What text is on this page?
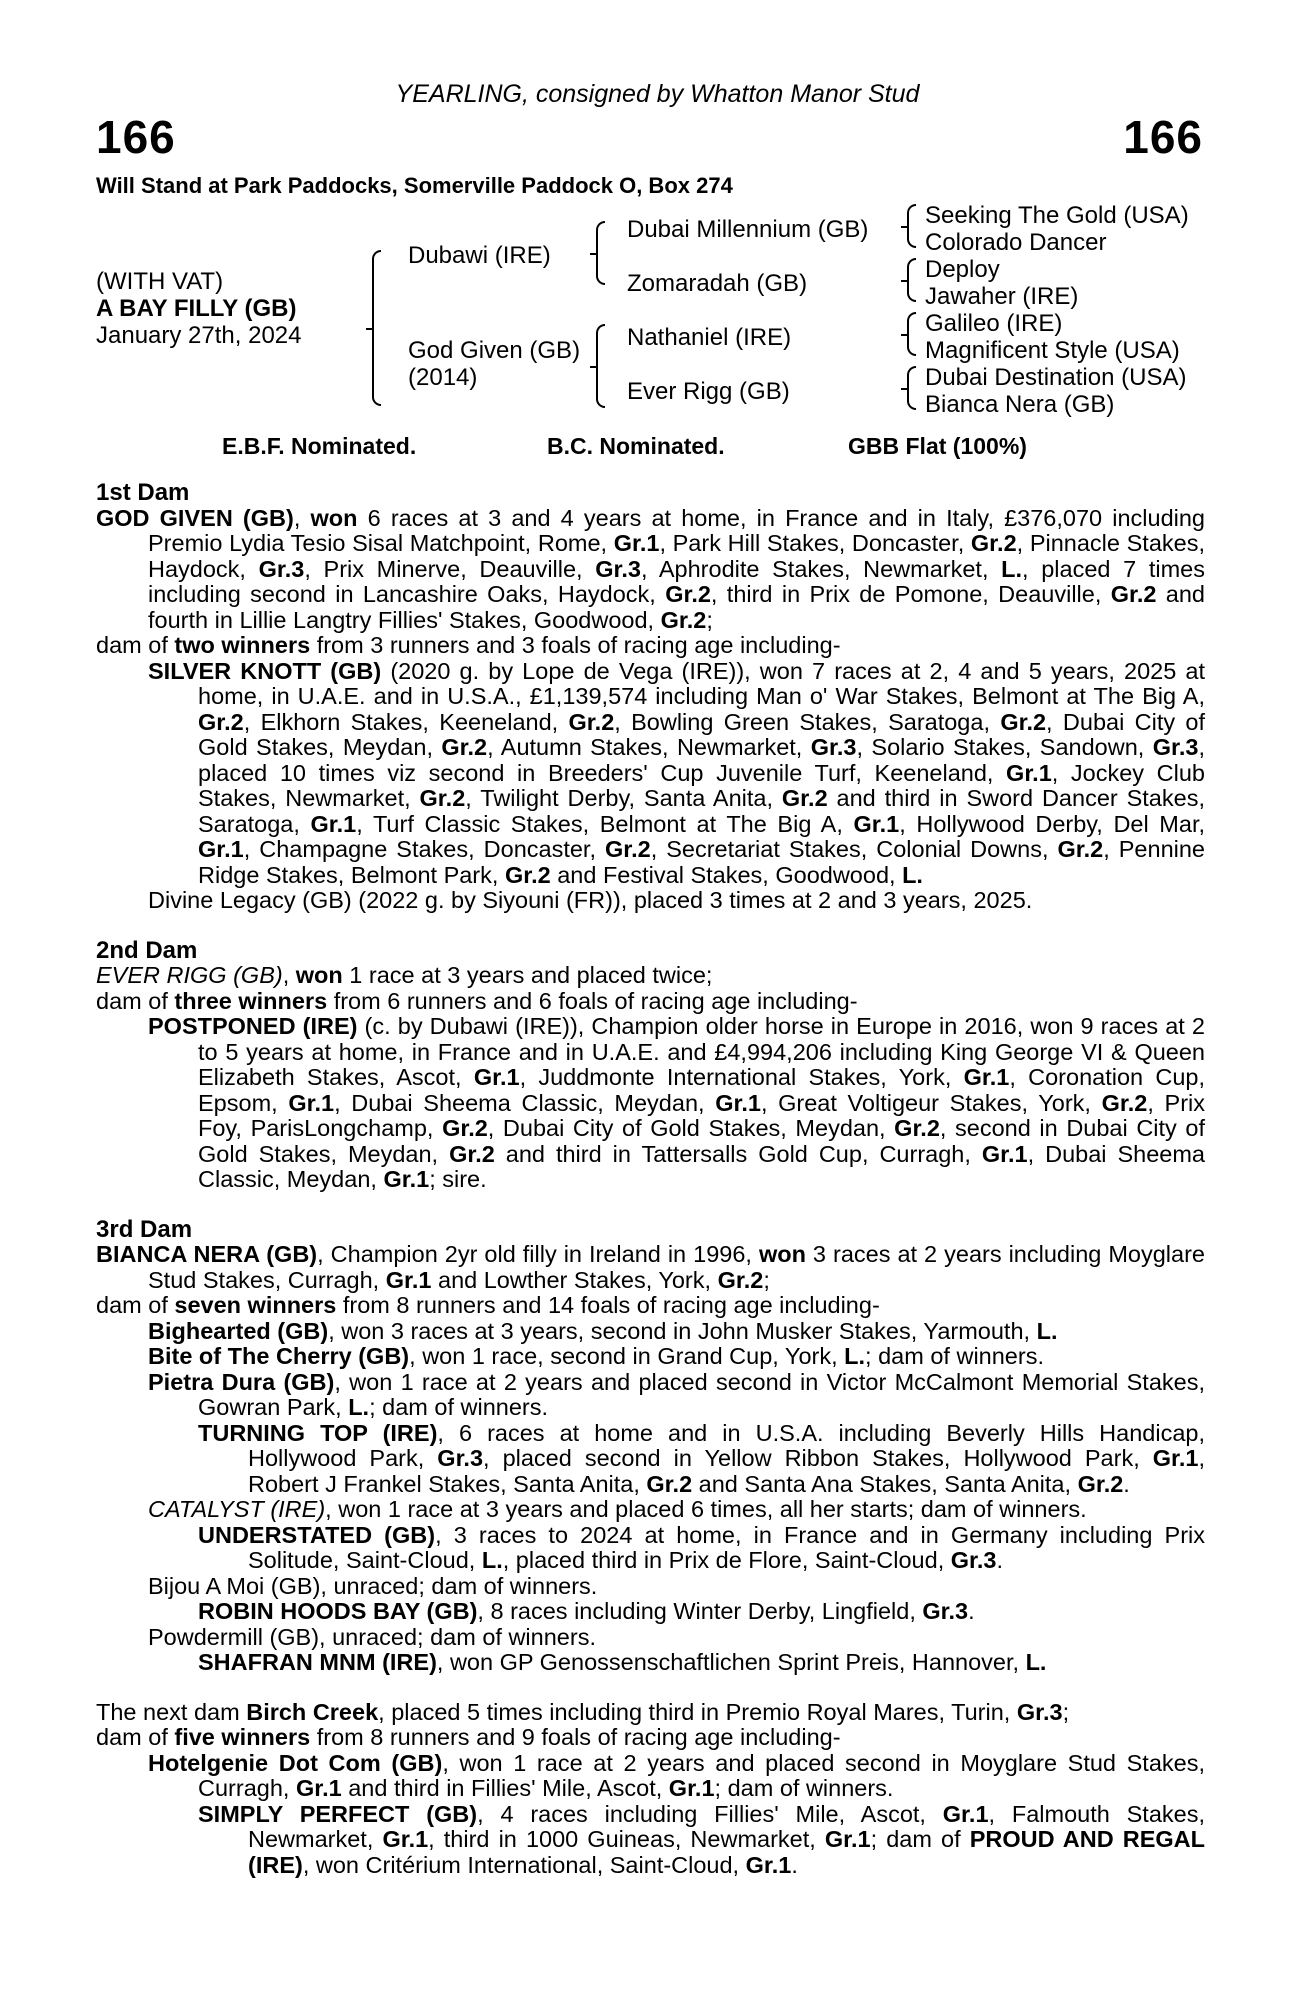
YEARLING, consigned by Whatton Manor Stud
166	166
Will Stand at Park Paddocks, Somerville Paddock O, Box 274
(WITH VAT)
A BAY FILLY (GB)
January 27th, 2024
Dubawi (IRE)
God Given (GB)
(2014)
Dubai Millennium (GB)
Zomaradah (GB)
Nathaniel (IRE)
Ever Rigg (GB)
Seeking The Gold (USA)
Colorado Dancer
Deploy
Jawaher (IRE)
Galileo (IRE)
Magnificent Style (USA)
Dubai Destination (USA)
Bianca Nera (GB)
E.B.F. Nominated.	B.C. Nominated.	GBB Flat (100%)
1st Dam
GOD GIVEN (GB), won 6 races at 3 and 4 years at home, in France and in Italy, £376,070 including Premio Lydia Tesio Sisal Matchpoint, Rome, Gr.1, Park Hill Stakes, Doncaster, Gr.2, Pinnacle Stakes, Haydock, Gr.3, Prix Minerve, Deauville, Gr.3, Aphrodite Stakes, Newmarket, L., placed 7 times including second in Lancashire Oaks, Haydock, Gr.2, third in Prix de Pomone, Deauville, Gr.2 and fourth in Lillie Langtry Fillies' Stakes, Goodwood, Gr.2;
dam of two winners from 3 runners and 3 foals of racing age including-
SILVER KNOTT (GB) (2020 g. by Lope de Vega (IRE)), won 7 races at 2, 4 and 5 years, 2025 at home, in U.A.E. and in U.S.A., £1,139,574 including Man o' War Stakes, Belmont at The Big A, Gr.2, Elkhorn Stakes, Keeneland, Gr.2, Bowling Green Stakes, Saratoga, Gr.2, Dubai City of Gold Stakes, Meydan, Gr.2, Autumn Stakes, Newmarket, Gr.3, Solario Stakes, Sandown, Gr.3, placed 10 times viz second in Breeders' Cup Juvenile Turf, Keeneland, Gr.1, Jockey Club Stakes, Newmarket, Gr.2, Twilight Derby, Santa Anita, Gr.2 and third in Sword Dancer Stakes, Saratoga, Gr.1, Turf Classic Stakes, Belmont at The Big A, Gr.1, Hollywood Derby, Del Mar, Gr.1, Champagne Stakes, Doncaster, Gr.2, Secretariat Stakes, Colonial Downs, Gr.2, Pennine Ridge Stakes, Belmont Park, Gr.2 and Festival Stakes, Goodwood, L.
Divine Legacy (GB) (2022 g. by Siyouni (FR)), placed 3 times at 2 and 3 years, 2025.
2nd Dam
EVER RIGG (GB), won 1 race at 3 years and placed twice;
dam of three winners from 6 runners and 6 foals of racing age including-
POSTPONED (IRE) (c. by Dubawi (IRE)), Champion older horse in Europe in 2016, won 9 races at 2 to 5 years at home, in France and in U.A.E. and £4,994,206 including King George VI & Queen Elizabeth Stakes, Ascot, Gr.1, Juddmonte International Stakes, York, Gr.1, Coronation Cup, Epsom, Gr.1, Dubai Sheema Classic, Meydan, Gr.1, Great Voltigeur Stakes, York, Gr.2, Prix Foy, ParisLongchamp, Gr.2, Dubai City of Gold Stakes, Meydan, Gr.2, second in Dubai City of Gold Stakes, Meydan, Gr.2 and third in Tattersalls Gold Cup, Curragh, Gr.1, Dubai Sheema Classic, Meydan, Gr.1; sire.
3rd Dam
BIANCA NERA (GB), Champion 2yr old filly in Ireland in 1996, won 3 races at 2 years including Moyglare Stud Stakes, Curragh, Gr.1 and Lowther Stakes, York, Gr.2;
dam of seven winners from 8 runners and 14 foals of racing age including-
Bighearted (GB), won 3 races at 3 years, second in John Musker Stakes, Yarmouth, L.
Bite of The Cherry (GB), won 1 race, second in Grand Cup, York, L.; dam of winners.
Pietra Dura (GB), won 1 race at 2 years and placed second in Victor McCalmont Memorial Stakes, Gowran Park, L.; dam of winners.
TURNING TOP (IRE), 6 races at home and in U.S.A. including Beverly Hills Handicap, Hollywood Park, Gr.3, placed second in Yellow Ribbon Stakes, Hollywood Park, Gr.1, Robert J Frankel Stakes, Santa Anita, Gr.2 and Santa Ana Stakes, Santa Anita, Gr.2.
CATALYST (IRE), won 1 race at 3 years and placed 6 times, all her starts; dam of winners.
UNDERSTATED (GB), 3 races to 2024 at home, in France and in Germany including Prix Solitude, Saint-Cloud, L., placed third in Prix de Flore, Saint-Cloud, Gr.3.
Bijou A Moi (GB), unraced; dam of winners.
ROBIN HOODS BAY (GB), 8 races including Winter Derby, Lingfield, Gr.3.
Powdermill (GB), unraced; dam of winners.
SHAFRAN MNM (IRE), won GP Genossenschaftlichen Sprint Preis, Hannover, L.
The next dam Birch Creek, placed 5 times including third in Premio Royal Mares, Turin, Gr.3;
dam of five winners from 8 runners and 9 foals of racing age including-
Hotelgenie Dot Com (GB), won 1 race at 2 years and placed second in Moyglare Stud Stakes, Curragh, Gr.1 and third in Fillies' Mile, Ascot, Gr.1; dam of winners.
SIMPLY PERFECT (GB), 4 races including Fillies' Mile, Ascot, Gr.1, Falmouth Stakes, Newmarket, Gr.1, third in 1000 Guineas, Newmarket, Gr.1; dam of PROUD AND REGAL (IRE), won Critérium International, Saint-Cloud, Gr.1.
